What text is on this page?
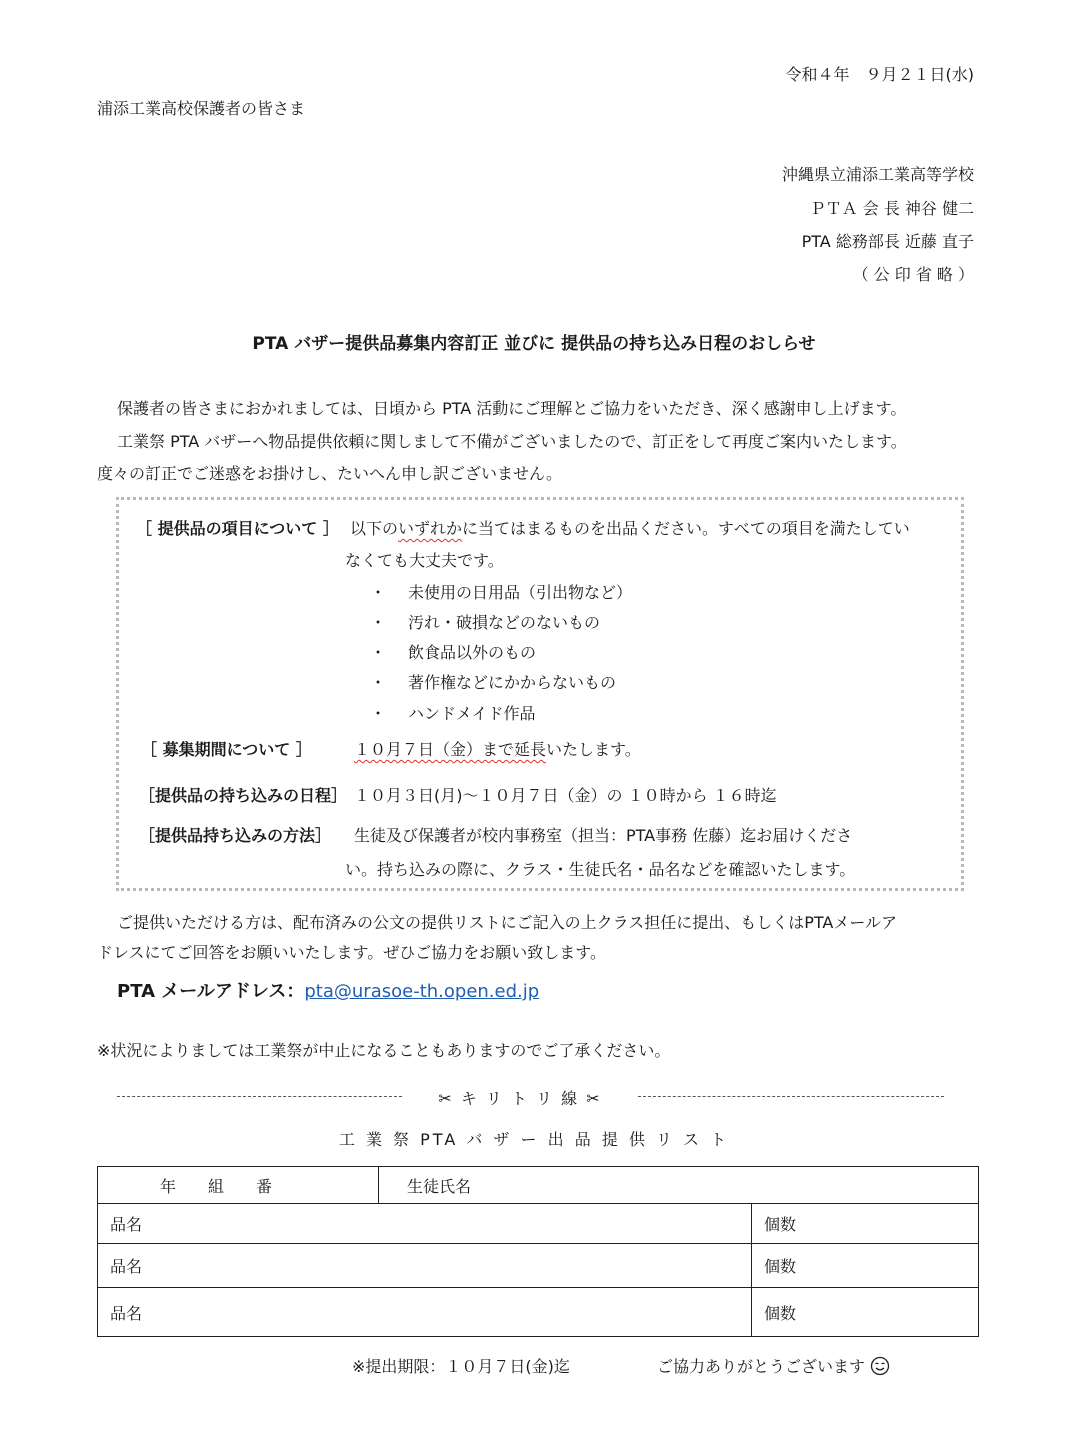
令和４年　９月２１日(水)
浦添工業高校保護者の皆さま
沖縄県立浦添工業高等学校
ＰＴＡ 会 長 神谷 健二
PTA 総務部長 近藤 直子
（ 公 印 省 略 ）
PTA バザー提供品募集内容訂正 並びに 提供品の持ち込み日程のおしらせ
保護者の皆さまにおかれましては、日頃から PTA 活動にご理解とご協力をいただき、深く感謝申し上げます。
工業祭 PTA バザーへ物品提供依頼に関しまして不備がございましたので、訂正をして再度ご案内いたします。
度々の訂正でご迷惑をお掛けし、たいへん申し訳ございません。
［ 提供品の項目について ］ 以下のいずれかに当てはまるものを出品ください。すべての項目を満たしてい
なくても大丈夫です。
・ 未使用の日用品（引出物など）
・ 汚れ・破損などのないもの
・ 飲食品以外のもの
・ 著作権などにかからないもの
・ ハンドメイド作品
［ 募集期間について ］	１０月７日（金）まで延長いたします。
［提供品の持ち込みの日程］ １０月３日(月)～１０月７日（金）の １０時から １６時迄
［提供品持ち込みの方法］ 生徒及び保護者が校内事務室（担当：PTA事務 佐藤）迄お届けくださ
い。持ち込みの際に、クラス・生徒氏名・品名などを確認いたします。
ご提供いただける方は、配布済みの公文の提供リストにご記入の上クラス担任に提出、もしくはPTAメールア
ドレスにてご回答をお願いいたします。ぜひご協力をお願い致します。
PTA メールアドレス：pta@urasoe-th.open.ed.jp
※状況によりましては工業祭が中止になることもありますのでご了承ください。
✂ キ リ ト リ 線 ✂
工 業 祭 PTA バ ザ ー 出 品 提 供 リ ス ト
年　　組　　番	生徒氏名	
品名		個数
品名		個数
品名		個数
※提出期限：１０月７日(金)迄	ご協力ありがとうございます
